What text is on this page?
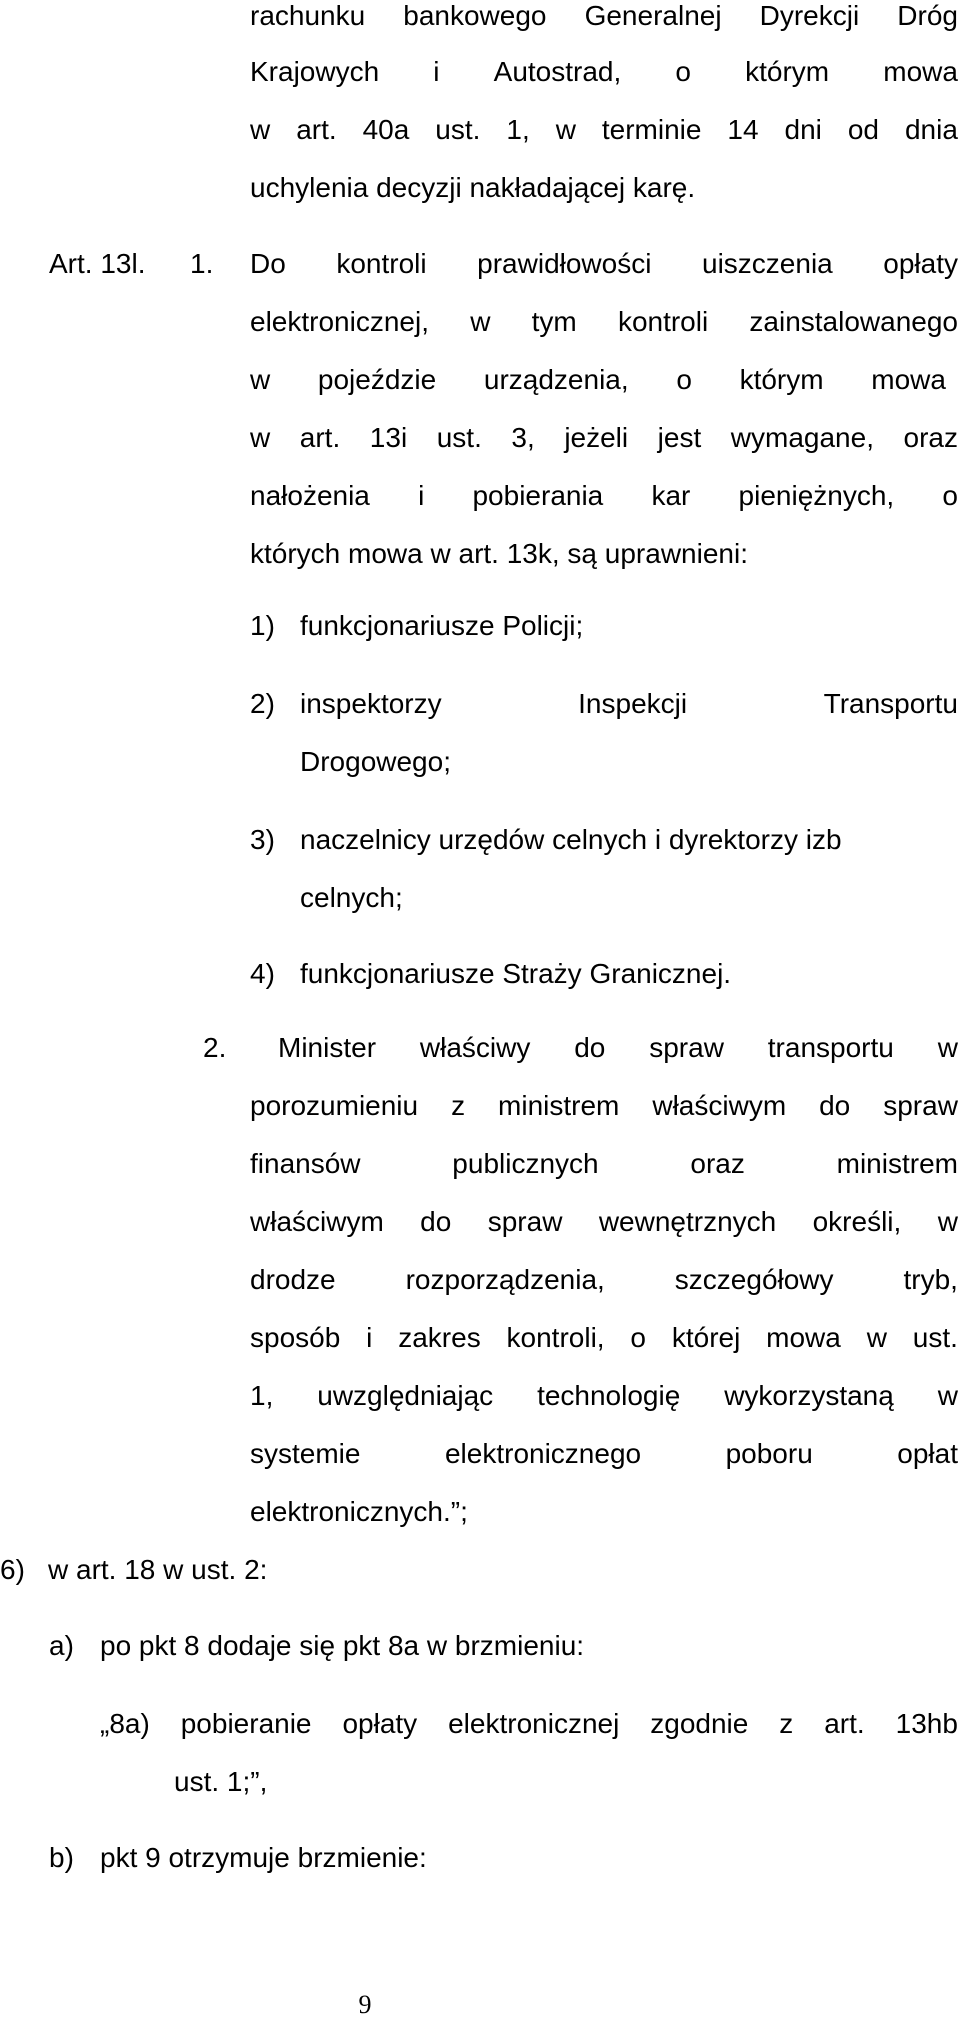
rachunku bankowego Generalnej Dyrekcji Dróg
Krajowych i Autostrad, o którym mowa
w art. 40a ust. 1, w terminie 14 dni od dnia
uchylenia decyzji nakładającej karę.
Art. 13l. 1. Do kontroli prawidłowości uiszczenia opłaty
elektronicznej, w tym kontroli zainstalowanego
w pojeździe urządzenia, o którym mowa
w art. 13i ust. 3, jeżeli jest wymagane, oraz
nałożenia i pobierania kar pieniężnych, o
których mowa w art. 13k, są uprawnieni:
1) funkcjonariusze Policji;
2) inspektorzy	Inspekcji	Transportu
Drogowego;
3) naczelnicy urzędów celnych i dyrektorzy izb
celnych;
4) funkcjonariusze Straży Granicznej.
2. Minister właściwy do spraw transportu w
porozumieniu z ministrem właściwym do spraw
finansów	publicznych	oraz	ministrem
właściwym do spraw wewnętrznych określi, w
drodze rozporządzenia, szczegółowy tryb,
sposób i zakres kontroli, o której mowa w ust.
1, uwzględniając technologię wykorzystaną w
systemie	elektronicznego	poboru	opłat
elektronicznych.”;
6) w art. 18 w ust. 2:
a) po pkt 8 dodaje się pkt 8a w brzmieniu:
„8a) pobieranie opłaty elektronicznej zgodnie z art. 13hb
ust. 1;”,
b) pkt 9 otrzymuje brzmienie:
9
